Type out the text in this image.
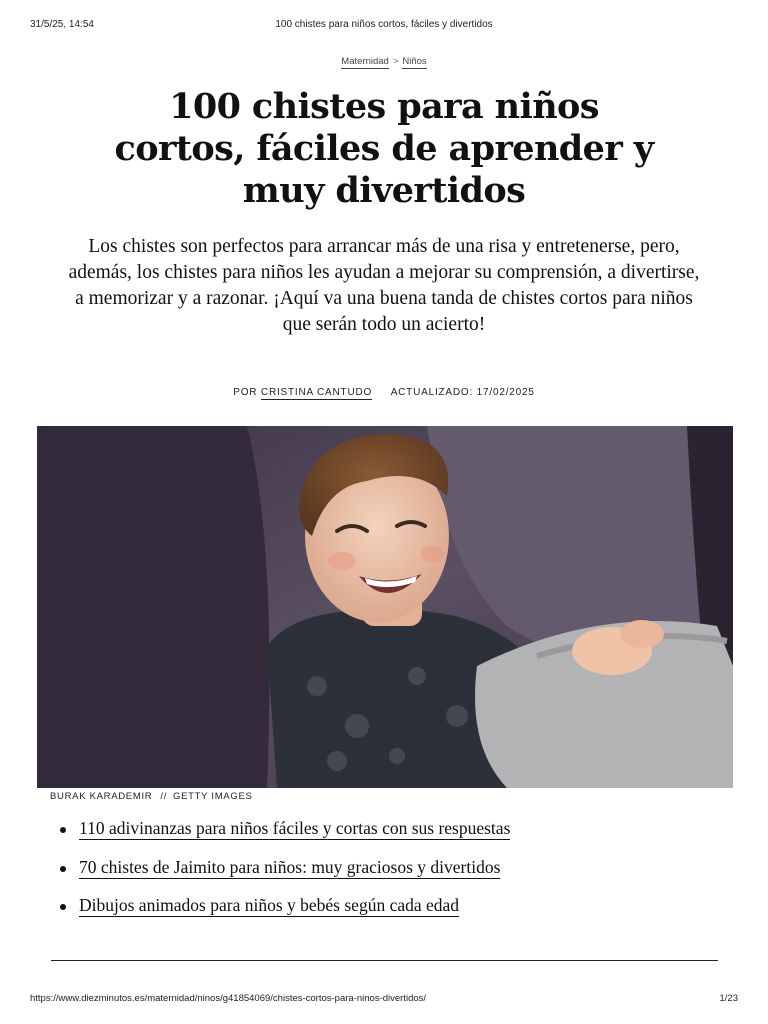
31/5/25, 14:54	100 chistes para niños cortos, fáciles y divertidos
Maternidad > Niños
100 chistes para niños cortos, fáciles de aprender y muy divertidos

Los chistes son perfectos para arrancar más de una risa y entretenerse, pero, además, los chistes para niños les ayudan a mejorar su comprensión, a divertirse, a memorizar y a razonar. ¡Aquí va una buena tanda de chistes cortos para niños que serán todo un acierto!

POR CRISTINA CANTUDO ACTUALIZADO: 17/02/2025
BURAK KARADEMIR // GETTY IMAGES
110 adivinanzas para niños fáciles y cortas con sus respuestas
70 chistes de Jaimito para niños: muy graciosos y divertidos
Dibujos animados para niños y bebés según cada edad
https://www.diezminutos.es/maternidad/ninos/g41854069/chistes-cortos-para-ninos-divertidos/	1/23
